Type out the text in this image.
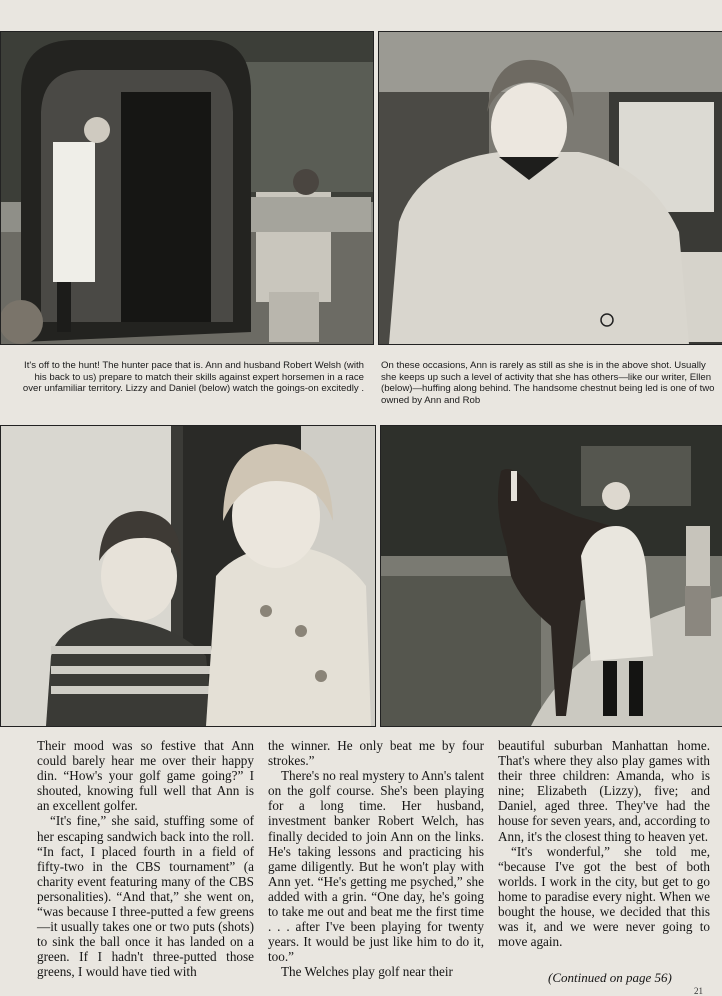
It's off to the hunt! The hunter pace that is. Ann and husband Robert Welsh (with his back to us) prepare to match their skills against expert horsemen in a race over unfamiliar territory. Lizzy and Daniel (below) watch the goings-on excitedly .

On these occasions, Ann is rarely as still as she is in the above shot. Usually she keeps up such a level of activity that she has others—like our writer, Ellen (below)—huffing along behind. The handsome chestnut being led is one of two owned by Ann and Rob

Their mood was so festive that Ann could barely hear me over their happy din. “How's your golf game going?” I shouted, knowing full well that Ann is an excellent golfer.

“It's fine,” she said, stuffing some of her escaping sandwich back into the roll. “In fact, I placed fourth in a field of fifty-two in the CBS tournament” (a charity event featuring many of the CBS personalities). “And that,” she went on, “was because I three-putted a few greens—it usually takes one or two puts (shots) to sink the ball once it has landed on a green. If I hadn't three-putted those greens, I would have tied with

the winner. He only beat me by four strokes.”

There's no real mystery to Ann's talent on the golf course. She's been playing for a long time. Her husband, investment banker Robert Welch, has finally decided to join Ann on the links. He's taking lessons and practicing his game diligently. But he won't play with Ann yet. “He's getting me psyched,” she added with a grin. “One day, he's going to take me out and beat me the first time . . . after I've been playing for twenty years. It would be just like him to do it, too.”

The Welches play golf near their

beautiful suburban Manhattan home. That's where they also play games with their three children: Amanda, who is nine; Elizabeth (Lizzy), five; and Daniel, aged three. They've had the house for seven years, and, according to Ann, it's the closest thing to heaven yet.

“It's wonderful,” she told me, “because I've got the best of both worlds. I work in the city, but get to go home to paradise every night. When we bought the house, we decided that this was it, and we were never going to move again.

(Continued on page 56)
21
